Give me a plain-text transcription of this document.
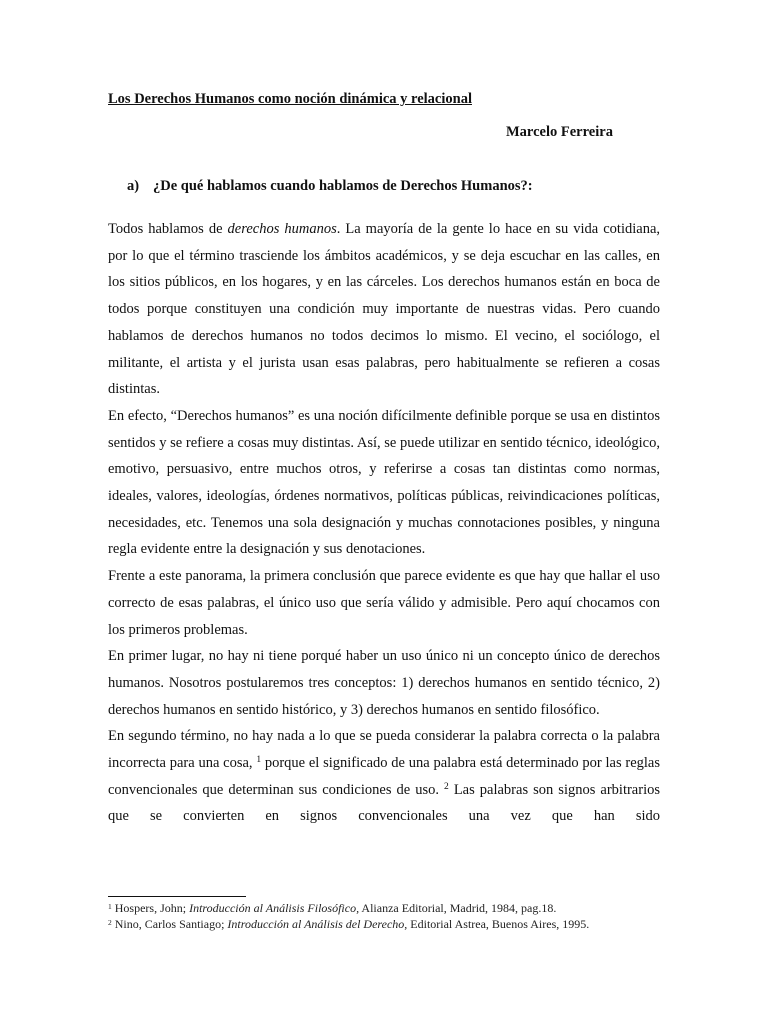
Los Derechos Humanos como noción dinámica y relacional
Marcelo Ferreira
a) ¿De qué hablamos cuando hablamos de Derechos Humanos?:

Todos hablamos de derechos humanos. La mayoría de la gente lo hace en su vida cotidiana, por lo que el término trasciende los ámbitos académicos, y se deja escuchar en las calles, en los sitios públicos, en los hogares, y en las cárceles. Los derechos humanos están en boca de todos porque constituyen una condición muy importante de nuestras vidas. Pero cuando hablamos de derechos humanos no todos decimos lo mismo. El vecino, el sociólogo, el militante, el artista y el jurista usan esas palabras, pero habitualmente se refieren a cosas distintas.

En efecto, “Derechos humanos” es una noción difícilmente definible porque se usa en distintos sentidos y se refiere a cosas muy distintas. Así, se puede utilizar en sentido técnico, ideológico, emotivo, persuasivo, entre muchos otros, y referirse a cosas tan distintas como normas, ideales, valores, ideologías, órdenes normativos, políticas públicas, reivindicaciones políticas, necesidades, etc. Tenemos una sola designación y muchas connotaciones posibles, y ninguna regla evidente entre la designación y sus denotaciones.

Frente a este panorama, la primera conclusión que parece evidente es que hay que hallar el uso correcto de esas palabras, el único uso que sería válido y admisible. Pero aquí chocamos con los primeros problemas.

En primer lugar, no hay ni tiene porqué haber un uso único ni un concepto único de derechos humanos. Nosotros postularemos tres conceptos: 1) derechos humanos en sentido técnico, 2) derechos humanos en sentido histórico, y 3) derechos humanos en sentido filosófico.

En segundo término, no hay nada a lo que se pueda considerar la palabra correcta o la palabra incorrecta para una cosa, $^1$ porque el significado de una palabra está determinado por las reglas convencionales que determinan sus condiciones de uso. $^2$ Las palabras son signos arbitrarios que se convierten en signos convencionales una vez que han sido

$^1$ Hospers, John; Introducción al Análisis Filosófico, Alianza Editorial, Madrid, 1984, pag.18.

$^2$ Nino, Carlos Santiago; Introducción al Análisis del Derecho, Editorial Astrea, Buenos Aires, 1995.
